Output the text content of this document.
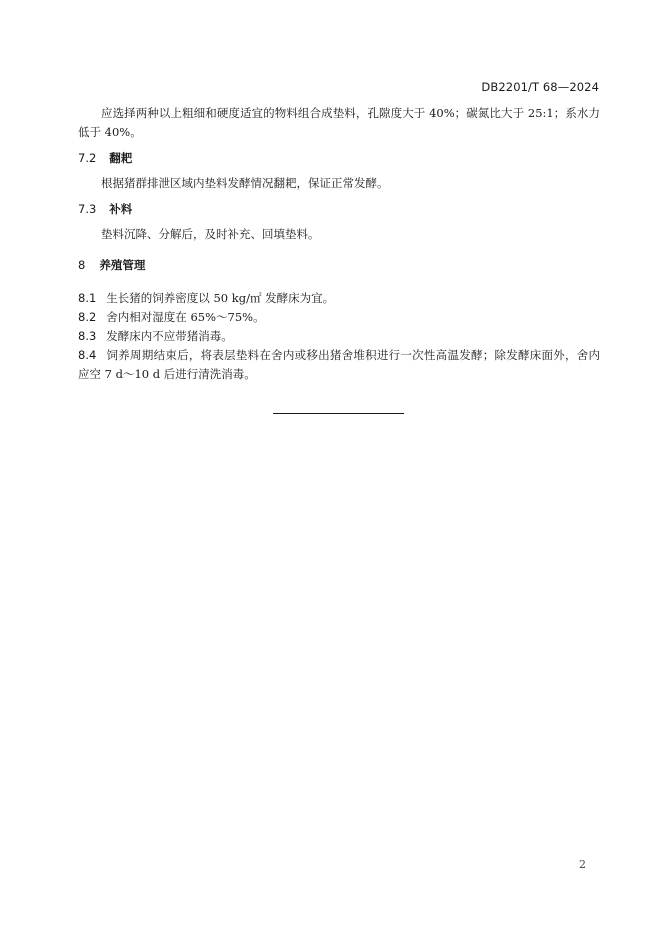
DB2201/T 68—2024

应选择两种以上粗细和硬度适宜的物料组合成垫料，孔隙度大于 40%；碳氮比大于 25:1；系水力低于 40%。

7.2 翻耙

根据猪群排泄区域内垫料发酵情况翻耙，保证正常发酵。

7.3 补料

垫料沉降、分解后，及时补充、回填垫料。

8 养殖管理

8.1 生长猪的饲养密度以 50 kg/㎡ 发酵床为宜。

8.2 舍内相对湿度在 65%～75%。

8.3 发酵床内不应带猪消毒。

8.4 饲养周期结束后，将表层垫料在舍内或移出猪舍堆积进行一次性高温发酵；除发酵床面外，舍内应空 7 d～10 d 后进行清洗消毒。

2
